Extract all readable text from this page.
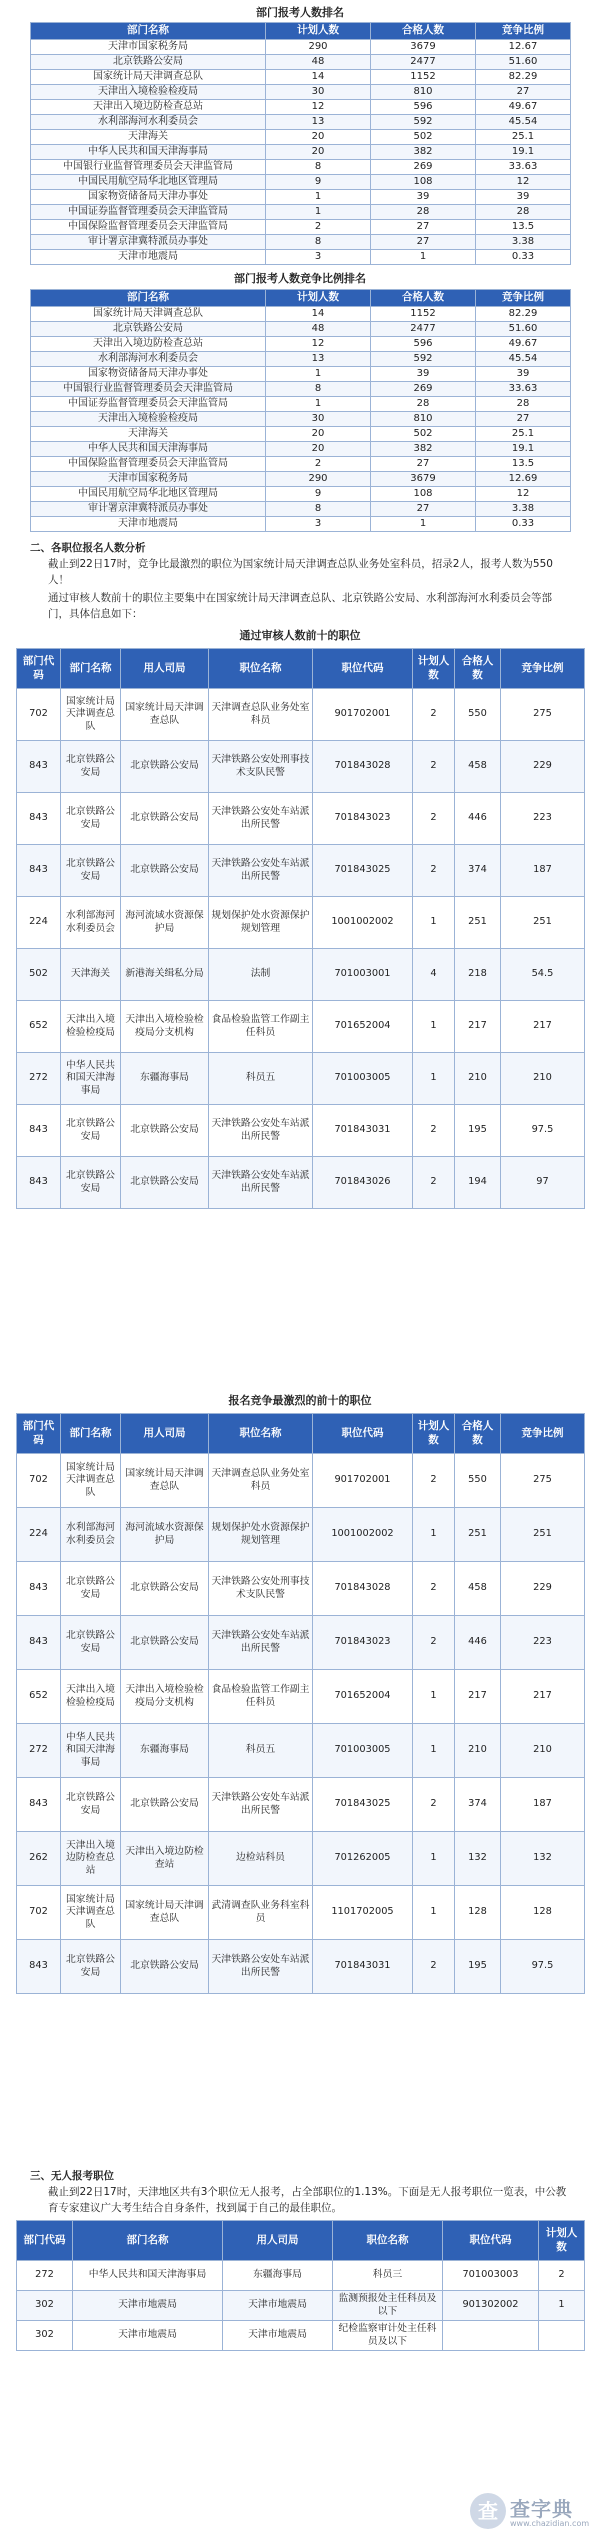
部门报考人数排名
部门名称	计划人数	合格人数	竞争比例
天津市国家税务局	290	3679	12.67
北京铁路公安局	48	2477	51.60
国家统计局天津调查总队	14	1152	82.29
天津出入境检验检疫局	30	810	27
天津出入境边防检查总站	12	596	49.67
水利部海河水利委员会	13	592	45.54
天津海关	20	502	25.1
中华人民共和国天津海事局	20	382	19.1
中国银行业监督管理委员会天津监管局	8	269	33.63
中国民用航空局华北地区管理局	9	108	12
国家物资储备局天津办事处	1	39	39
中国证券监督管理委员会天津监管局	1	28	28
中国保险监督管理委员会天津监管局	2	27	13.5
审计署京津冀特派员办事处	8	27	3.38
天津市地震局	3	1	0.33
部门报考人数竞争比例排名
部门名称	计划人数	合格人数	竞争比例
国家统计局天津调查总队	14	1152	82.29
北京铁路公安局	48	2477	51.60
天津出入境边防检查总站	12	596	49.67
水利部海河水利委员会	13	592	45.54
国家物资储备局天津办事处	1	39	39
中国银行业监督管理委员会天津监管局	8	269	33.63
中国证券监督管理委员会天津监管局	1	28	28
天津出入境检验检疫局	30	810	27
天津海关	20	502	25.1
中华人民共和国天津海事局	20	382	19.1
中国保险监督管理委员会天津监管局	2	27	13.5
天津市国家税务局	290	3679	12.69
中国民用航空局华北地区管理局	9	108	12
审计署京津冀特派员办事处	8	27	3.38
天津市地震局	3	1	0.33
二、各职位报名人数分析
截止到22日17时，竞争比最激烈的职位为国家统计局天津调查总队业务处室科员，招录2人，报考人数为550人！
通过审核人数前十的职位主要集中在国家统计局天津调查总队、北京铁路公安局、水利部海河水利委员会等部门，具体信息如下：
通过审核人数前十的职位
部门代码	部门名称	用人司局	职位名称	职位代码	计划人数	合格人数	竞争比例
702	国家统计局天津调查总队	国家统计局天津调查总队	天津调查总队业务处室科员	901702001	2	550	275
843	北京铁路公安局	北京铁路公安局	天津铁路公安处刑事技术支队民警	701843028	2	458	229
843	北京铁路公安局	北京铁路公安局	天津铁路公安处车站派出所民警	701843023	2	446	223
843	北京铁路公安局	北京铁路公安局	天津铁路公安处车站派出所民警	701843025	2	374	187
224	水利部海河水利委员会	海河流域水资源保护局	规划保护处水资源保护规划管理	1001002002	1	251	251
502	天津海关	新港海关缉私分局	法制	701003001	4	218	54.5
652	天津出入境检验检疫局	天津出入境检验检疫局分支机构	食品检验监管工作副主任科员	701652004	1	217	217
272	中华人民共和国天津海事局	东疆海事局	科员五	701003005	1	210	210
843	北京铁路公安局	北京铁路公安局	天津铁路公安处车站派出所民警	701843031	2	195	97.5
843	北京铁路公安局	北京铁路公安局	天津铁路公安处车站派出所民警	701843026	2	194	97
报名竞争最激烈的前十的职位
部门代码	部门名称	用人司局	职位名称	职位代码	计划人数	合格人数	竞争比例
702	国家统计局天津调查总队	国家统计局天津调查总队	天津调查总队业务处室科员	901702001	2	550	275
224	水利部海河水利委员会	海河流域水资源保护局	规划保护处水资源保护规划管理	1001002002	1	251	251
843	北京铁路公安局	北京铁路公安局	天津铁路公安处刑事技术支队民警	701843028	2	458	229
843	北京铁路公安局	北京铁路公安局	天津铁路公安处车站派出所民警	701843023	2	446	223
652	天津出入境检验检疫局	天津出入境检验检疫局分支机构	食品检验监管工作副主任科员	701652004	1	217	217
272	中华人民共和国天津海事局	东疆海事局	科员五	701003005	1	210	210
843	北京铁路公安局	北京铁路公安局	天津铁路公安处车站派出所民警	701843025	2	374	187
262	天津出入境边防检查总站	天津出入境边防检查站	边检站科员	701262005	1	132	132
702	国家统计局天津调查总队	国家统计局天津调查总队	武清调查队业务科室科员	1101702005	1	128	128
843	北京铁路公安局	北京铁路公安局	天津铁路公安处车站派出所民警	701843031	2	195	97.5
三、无人报考职位
截止到22日17时，天津地区共有3个职位无人报考，占全部职位的1.13%。下面是无人报考职位一览表，中公教育专家建议广大考生结合自身条件，找到属于自己的最佳职位。
部门代码	部门名称	用人司局	职位名称	职位代码	计划人数
272	中华人民共和国天津海事局	东疆海事局	科员三	701003003	2
302	天津市地震局	天津市地震局	监测预报处主任科员及以下	901302002	1
302	天津市地震局	天津市地震局	纪检监察审计处主任科员及以下		
查 查字典
www.chazidian.com
